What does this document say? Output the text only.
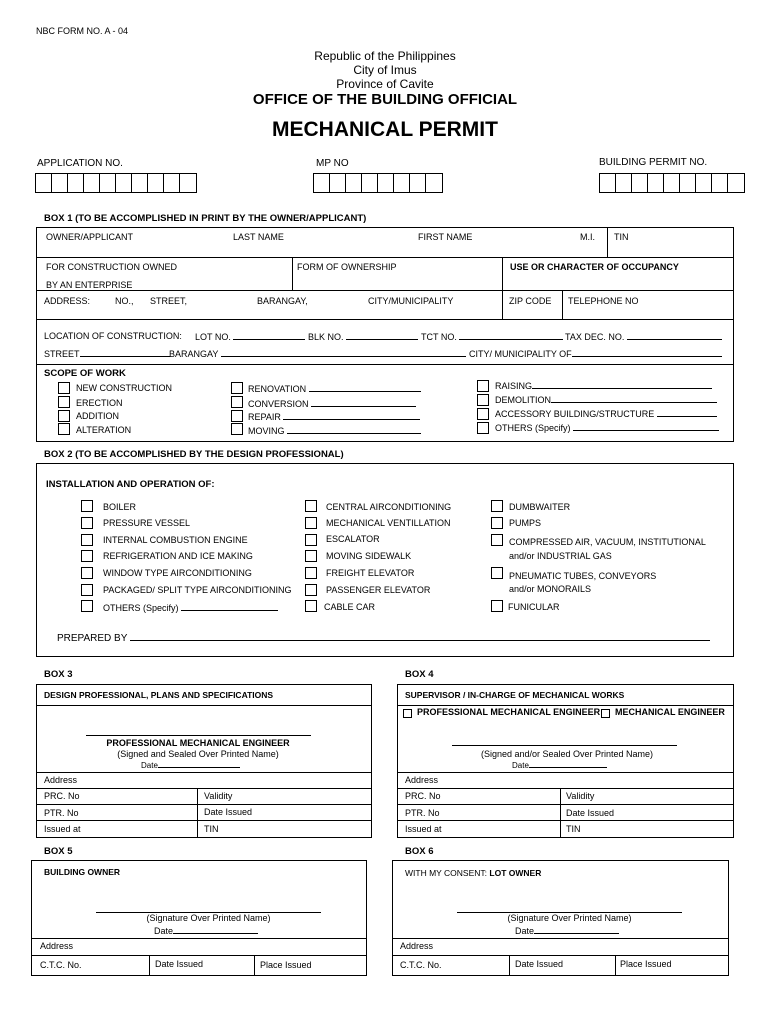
NBC FORM NO. A - 04
Republic of the Philippines
City of Imus
Province of Cavite
OFFICE OF THE BUILDING OFFICIAL
MECHANICAL PERMIT
APPLICATION NO.	MP NO	BUILDING PERMIT NO.
BOX 1 (TO BE ACCOMPLISHED IN PRINT BY THE OWNER/APPLICANT)
OWNER/APPLICANT	LAST NAME	FIRST NAME	M.I. TIN
FOR CONSTRUCTION OWNED
BY AN ENTERPRISE
FORM OF OWNERSHIP	USE OR CHARACTER OF OCCUPANCY
ADDRESS:	NO., STREET,	BARANGAY,	CITY/MUNICIPALITY	ZIP CODE TELEPHONE NO
LOCATION OF CONSTRUCTION: LOT NO.	BLK NO.	TCT NO.	TAX DEC. NO.
STREET	BARANGAY	CITY/ MUNICIPALITY OF
SCOPE OF WORK
NEW CONSTRUCTION
ERECTION
ADDITION
ALTERATION
RENOVATION
CONVERSION
REPAIR
MOVING
RAISING
DEMOLITION
ACCESSORY BUILDING/STRUCTURE
OTHERS (Specify)
BOX 2 (TO BE ACCOMPLISHED BY THE DESIGN PROFESSIONAL)
INSTALLATION AND OPERATION OF:
BOILER
PRESSURE VESSEL
INTERNAL COMBUSTION ENGINE
REFRIGERATION AND ICE MAKING
WINDOW TYPE AIRCONDITIONING
PACKAGED/ SPLIT TYPE AIRCONDITIONING
OTHERS (Specify)
CENTRAL AIRCONDITIONING
MECHANICAL VENTILLATION
ESCALATOR
MOVING SIDEWALK
FREIGHT ELEVATOR
PASSENGER ELEVATOR
CABLE CAR
DUMBWAITER
PUMPS
COMPRESSED AIR, VACUUM, INSTITUTIONAL
and/or INDUSTRIAL GAS
PNEUMATIC TUBES, CONVEYORS
and/or MONORAILS
FUNICULAR
PREPARED BY
BOX 3
DESIGN PROFESSIONAL, PLANS AND SPECIFICATIONS
PROFESSIONAL MECHANICAL ENGINEER
(Signed and Sealed Over Printed Name)
Date
Address
PRC. No	Validity
PTR. No	Date Issued
Issued at	TIN
BOX 4
SUPERVISOR / IN-CHARGE OF MECHANICAL WORKS
PROFESSIONAL MECHANICAL ENGINEER MECHANICAL ENGINEER
(Signed and/or Sealed Over Printed Name)
Date
Address
PRC. No	Validity
PTR. No	Date Issued
Issued at	TIN
BOX 5
BUILDING OWNER
(Signature Over Printed Name)
Date
Address
C.T.C. No.	Date Issued	Place Issued
BOX 6
WITH MY CONSENT: LOT OWNER
(Signature Over Printed Name)
Date
Address
C.T.C. No.	Date Issued	Place Issued
